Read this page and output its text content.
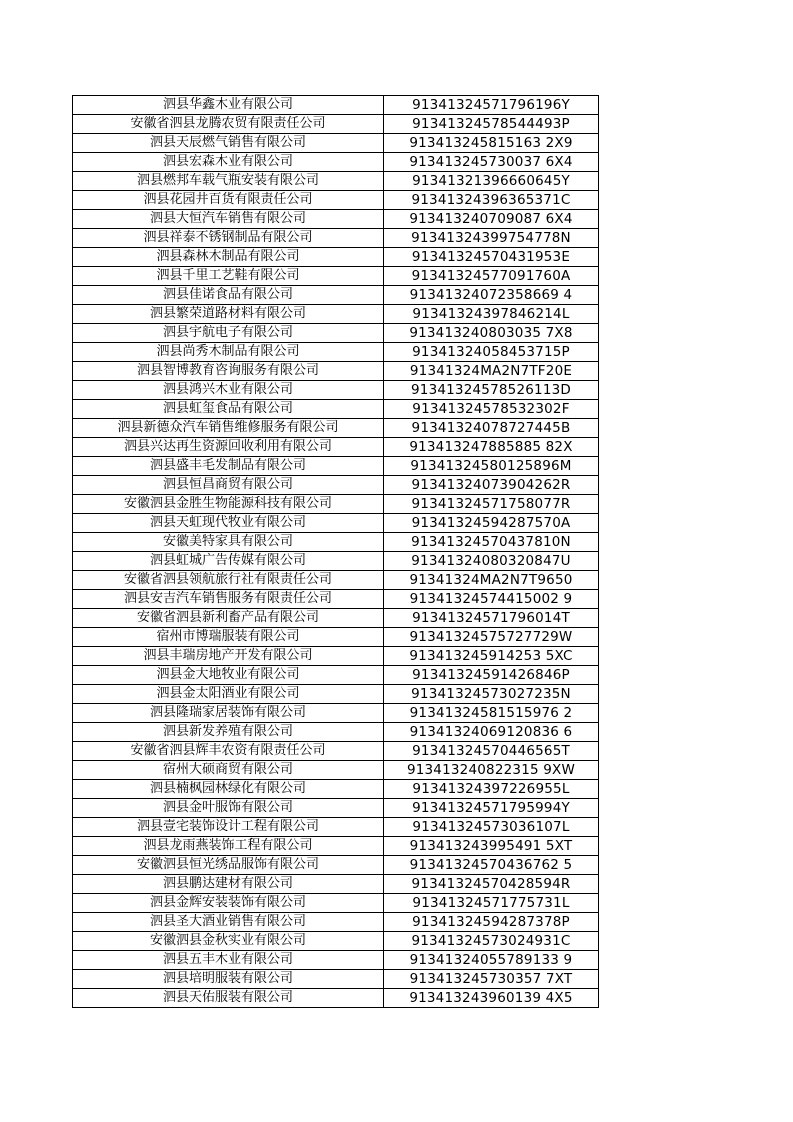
泗县华鑫木业有限公司	91341324571796196Y
安徽省泗县龙腾农贸有限责任公司	91341324578544493P
泗县天辰燃气销售有限公司	913413245815163 2X9
泗县宏森木业有限公司	913413245730037 6X4
泗县燃邦车载气瓶安装有限公司	91341321396660645Y
泗县花园井百货有限责任公司	91341324396365371C
泗县大恒汽车销售有限公司	913413240709087 6X4
泗县祥泰不锈钢制品有限公司	91341324399754778N
泗县森林木制品有限公司	91341324570431953E
泗县千里工艺鞋有限公司	91341324577091760A
泗县佳诺食品有限公司	91341324072358669 4
泗县繁荣道路材料有限公司	91341324397846214L
泗县宇航电子有限公司	913413240803035 7X8
泗县尚秀木制品有限公司	91341324058453715P
泗县智博教育咨询服务有限公司	91341324MA2N7TF20E
泗县鸿兴木业有限公司	91341324578526113D
泗县虹玺食品有限公司	91341324578532302F
泗县新德众汽车销售维修服务有限公司	91341324078727445B
泗县兴达再生资源回收利用有限公司	913413247885885 82X
泗县盛丰毛发制品有限公司	91341324580125896M
泗县恒昌商贸有限公司	91341324073904262R
安徽泗县金胜生物能源科技有限公司	91341324571758077R
泗县天虹现代牧业有限公司	91341324594287570A
安徽美特家具有限公司	91341324570437810N
泗县虹城广告传媒有限公司	91341324080320847U
安徽省泗县领航旅行社有限责任公司	91341324MA2N7T9650
泗县安吉汽车销售服务有限责任公司	91341324574415002 9
安徽省泗县新利畜产品有限公司	91341324571796014T
宿州市博瑞服装有限公司	91341324575727729W
泗县丰瑞房地产开发有限公司	913413245914253 5XC
泗县金大地牧业有限公司	91341324591426846P
泗县金太阳酒业有限公司	91341324573027235N
泗县隆瑞家居装饰有限公司	91341324581515976 2
泗县新发养殖有限公司	91341324069120836 6
安徽省泗县辉丰农资有限责任公司	91341324570446565T
宿州大硕商贸有限公司	913413240822315 9XW
泗县楠枫园林绿化有限公司	91341324397226955L
泗县金叶服饰有限公司	91341324571795994Y
泗县壹宅装饰设计工程有限公司	91341324573036107L
泗县龙雨燕装饰工程有限公司	913413243995491 5XT
安徽泗县恒光绣品服饰有限公司	91341324570436762 5
泗县鹏达建材有限公司	91341324570428594R
泗县金辉安装装饰有限公司	91341324571775731L
泗县圣大酒业销售有限公司	91341324594287378P
安徽泗县金秋实业有限公司	91341324573024931C
泗县五丰木业有限公司	91341324055789133 9
泗县培明服装有限公司	913413245730357 7XT
泗县天佑服装有限公司	913413243960139 4X5
